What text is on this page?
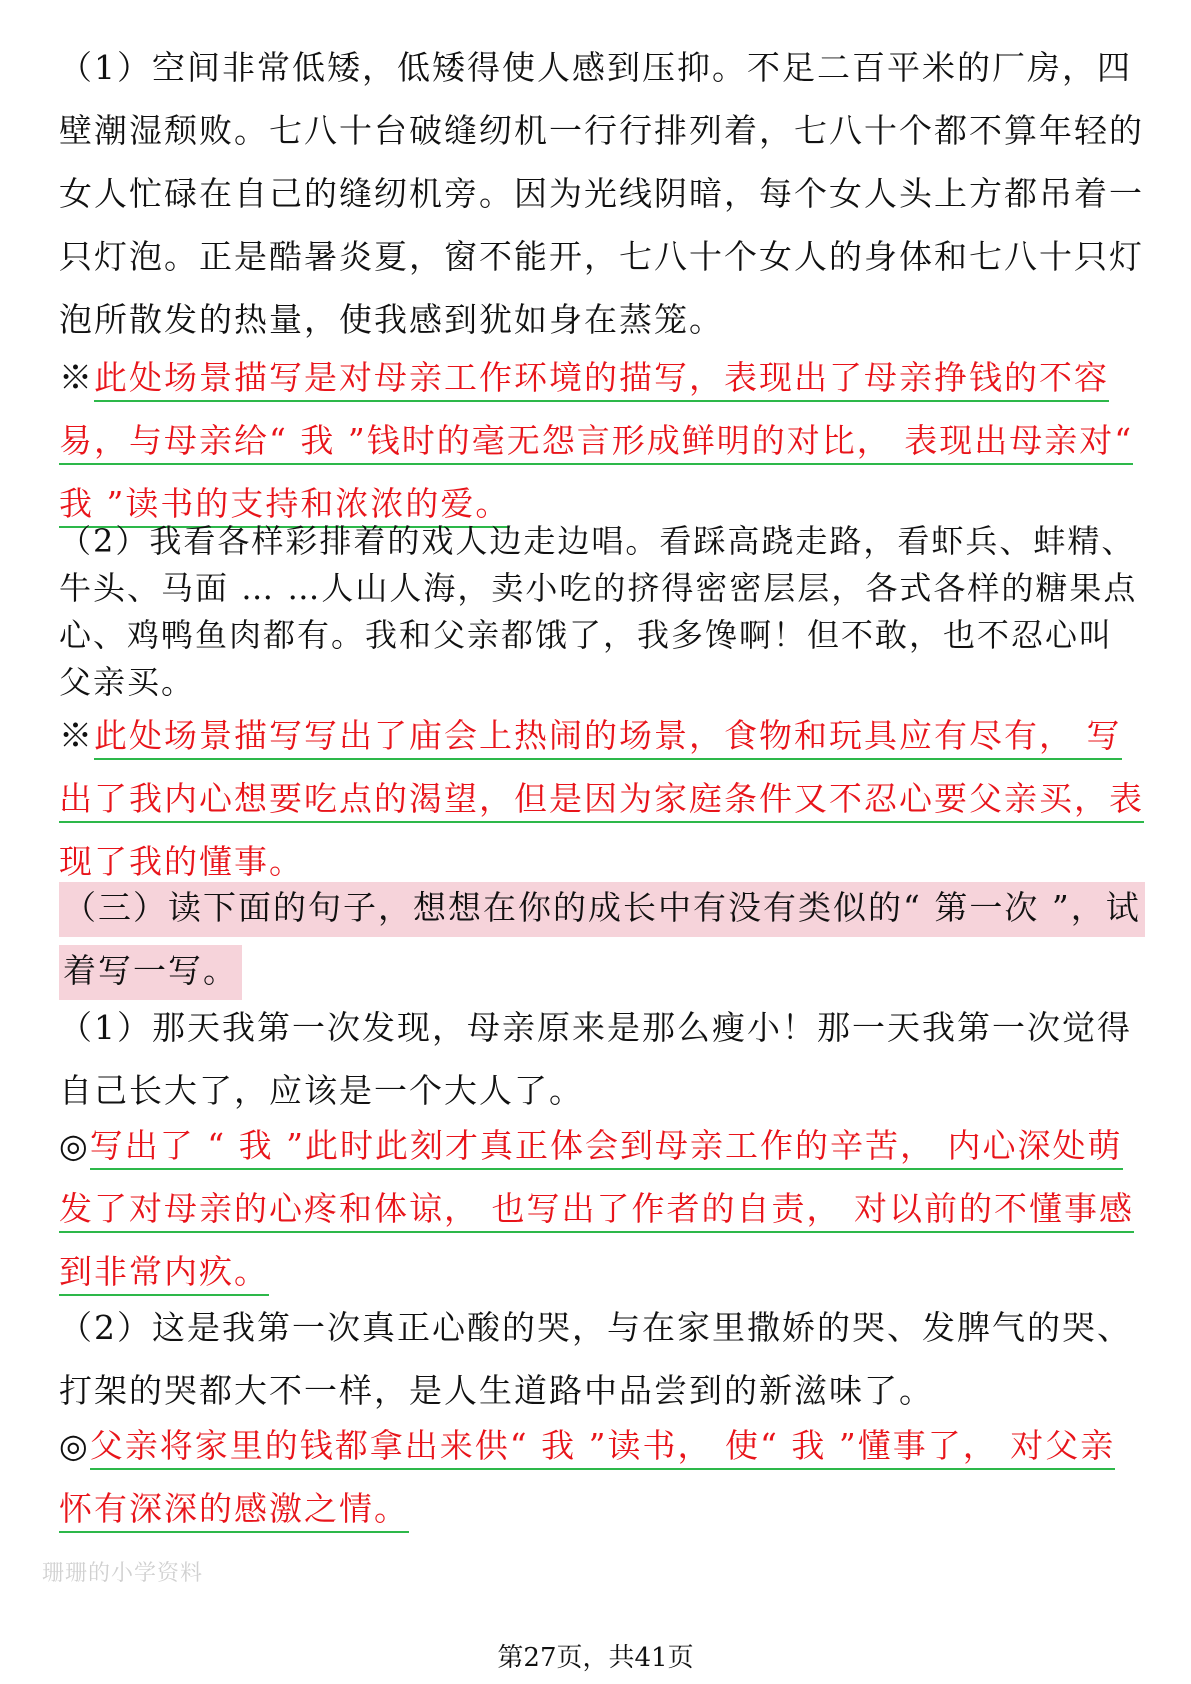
（1）空间非常低矮，低矮得使人感到压抑。不足二百平米的厂房，四壁潮湿颓败。七八十台破缝纫机一行行排列着，七八十个都不算年轻的女人忙碌在自己的缝纫机旁。因为光线阴暗，每个女人头上方都吊着一只灯泡。正是酷暑炎夏，窗不能开，七八十个女人的身体和七八十只灯泡所散发的热量，使我感到犹如身在蒸笼。

※此处场景描写是对母亲工作环境的描写，表现出了母亲挣钱的不容易，与母亲给“ 我 ”钱时的毫无怨言形成鲜明的对比， 表现出母亲对“ 我 ”读书的支持和浓浓的爱。

（2）我看各样彩排着的戏人边走边唱。看踩高跷走路，看虾兵、蚌精、牛头、马面 … …人山人海，卖小吃的挤得密密层层，各式各样的糖果点心、鸡鸭鱼肉都有。我和父亲都饿了，我多馋啊！但不敢，也不忍心叫父亲买。

※此处场景描写写出了庙会上热闹的场景，食物和玩具应有尽有， 写出了我内心想要吃点的渴望，但是因为家庭条件又不忍心要父亲买，表现了我的懂事。

（三）读下面的句子，想想在你的成长中有没有类似的“ 第一次 ”，试着写一写。

（1）那天我第一次发现，母亲原来是那么瘦小！那一天我第一次觉得自己长大了，应该是一个大人了。

◎写出了 “ 我 ”此时此刻才真正体会到母亲工作的辛苦， 内心深处萌发了对母亲的心疼和体谅， 也写出了作者的自责， 对以前的不懂事感到非常内疚。

（2）这是我第一次真正心酸的哭，与在家里撒娇的哭、发脾气的哭、打架的哭都大不一样，是人生道路中品尝到的新滋味了。

◎父亲将家里的钱都拿出来供“ 我 ”读书， 使“ 我 ”懂事了， 对父亲怀有深深的感激之情。

珊珊的小学资料
第27页，共41页
